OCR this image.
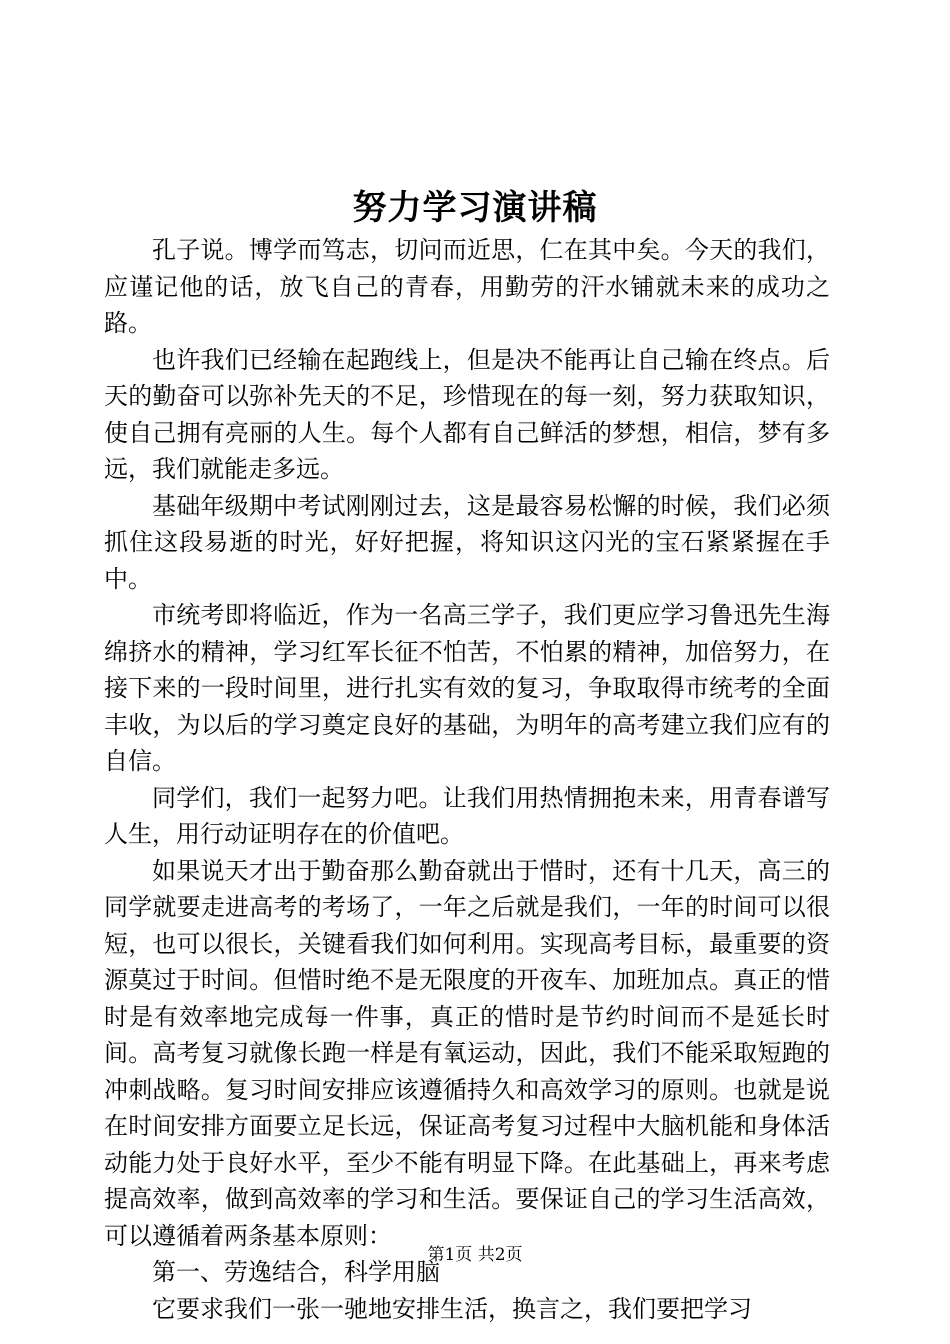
努力学习演讲稿

孔子说。博学而笃志，切问而近思，仁在其中矣。今天的我们，应谨记他的话，放飞自己的青春，用勤劳的汗水铺就未来的成功之路。

也许我们已经输在起跑线上，但是决不能再让自己输在终点。后天的勤奋可以弥补先天的不足，珍惜现在的每一刻，努力获取知识，使自己拥有亮丽的人生。每个人都有自己鲜活的梦想，相信，梦有多远，我们就能走多远。

基础年级期中考试刚刚过去，这是最容易松懈的时候，我们必须抓住这段易逝的时光，好好把握，将知识这闪光的宝石紧紧握在手中。

市统考即将临近，作为一名高三学子，我们更应学习鲁迅先生海绵挤水的精神，学习红军长征不怕苦，不怕累的精神，加倍努力，在接下来的一段时间里，进行扎实有效的复习，争取取得市统考的全面丰收，为以后的学习奠定良好的基础，为明年的高考建立我们应有的自信。

同学们，我们一起努力吧。让我们用热情拥抱未来，用青春谱写人生，用行动证明存在的价值吧。

如果说天才出于勤奋那么勤奋就出于惜时，还有十几天，高三的同学就要走进高考的考场了，一年之后就是我们，一年的时间可以很短，也可以很长，关键看我们如何利用。实现高考目标，最重要的资源莫过于时间。但惜时绝不是无限度的开夜车、加班加点。真正的惜时是有效率地完成每一件事，真正的惜时是节约时间而不是延长时间。高考复习就像长跑一样是有氧运动，因此，我们不能采取短跑的冲刺战略。复习时间安排应该遵循持久和高效学习的原则。也就是说在时间安排方面要立足长远，保证高考复习过程中大脑机能和身体活动能力处于良好水平，至少不能有明显下降。在此基础上，再来考虑提高效率，做到高效率的学习和生活。要保证自己的学习生活高效，可以遵循着两条基本原则：

第一、劳逸结合，科学用脑

它要求我们一张一驰地安排生活，换言之，我们要把学习

第1页 共2页
